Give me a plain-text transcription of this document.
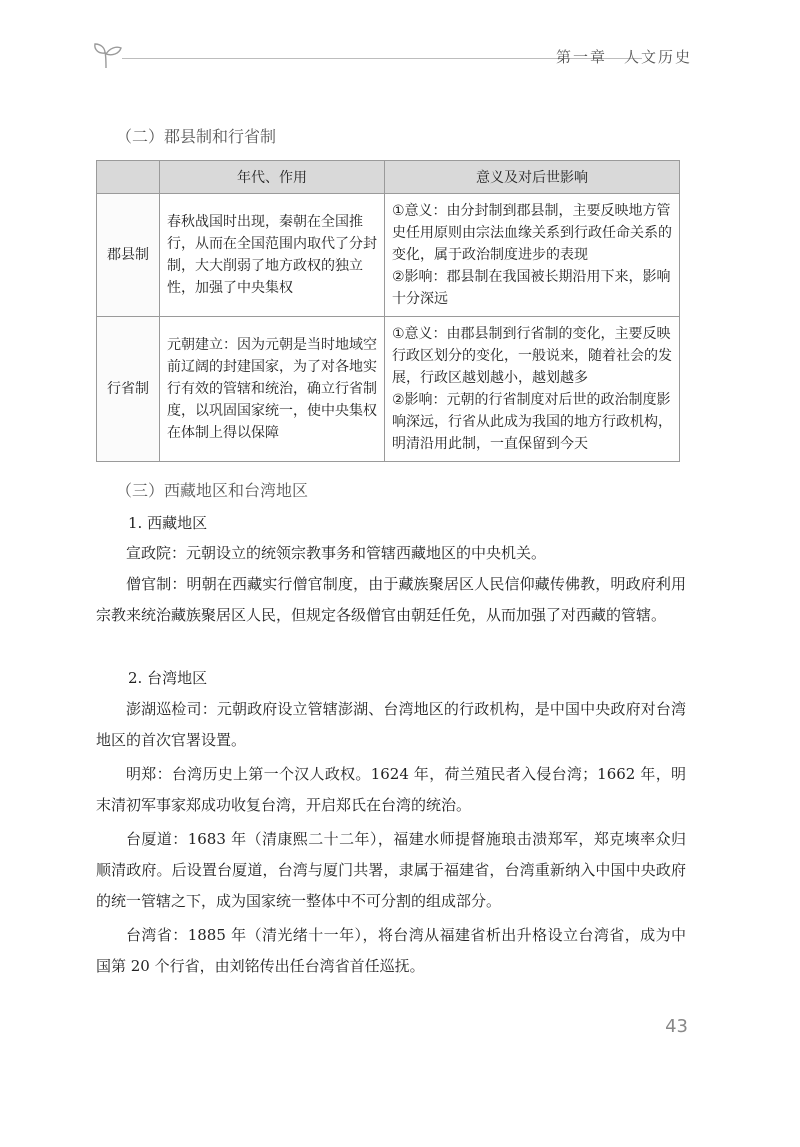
第一章　人文历史
（二）郡县制和行省制
	年代、作用	意义及对后世影响
郡县制	春秋战国时出现，秦朝在全国推行，从而在全国范围内取代了分封制，大大削弱了地方政权的独立性，加强了中央集权	①意义：由分封制到郡县制，主要反映地方管史任用原则由宗法血缘关系到行政任命关系的变化，属于政治制度进步的表现
②影响：郡县制在我国被长期沿用下来，影响十分深远

行省制	元朝建立：因为元朝是当时地域空前辽阔的封建国家，为了对各地实行有效的管辖和统治，确立行省制度，以巩固国家统一，使中央集权在体制上得以保障	①意义：由郡县制到行省制的变化，主要反映行政区划分的变化，一般说来，随着社会的发展，行政区越划越小，越划越多
②影响：元朝的行省制度对后世的政治制度影响深远，行省从此成为我国的地方行政机构，明清沿用此制，一直保留到今天
（三）西藏地区和台湾地区
1. 西藏地区
宣政院：元朝设立的统领宗教事务和管辖西藏地区的中央机关。
僧官制：明朝在西藏实行僧官制度，由于藏族聚居区人民信仰藏传佛教，明政府利用宗教来统治藏族聚居区人民，但规定各级僧官由朝廷任免，从而加强了对西藏的管辖。
2. 台湾地区
澎湖巡检司：元朝政府设立管辖澎湖、台湾地区的行政机构，是中国中央政府对台湾地区的首次官署设置。
明郑：台湾历史上第一个汉人政权。1624 年，荷兰殖民者入侵台湾；1662 年，明末清初军事家郑成功收复台湾，开启郑氏在台湾的统治。
台厦道：1683 年（清康熙二十二年），福建水师提督施琅击溃郑军，郑克塽率众归顺清政府。后设置台厦道，台湾与厦门共署，隶属于福建省，台湾重新纳入中国中央政府的统一管辖之下，成为国家统一整体中不可分割的组成部分。
台湾省：1885 年（清光绪十一年），将台湾从福建省析出升格设立台湾省，成为中国第 20 个行省，由刘铭传出任台湾省首任巡抚。
43
